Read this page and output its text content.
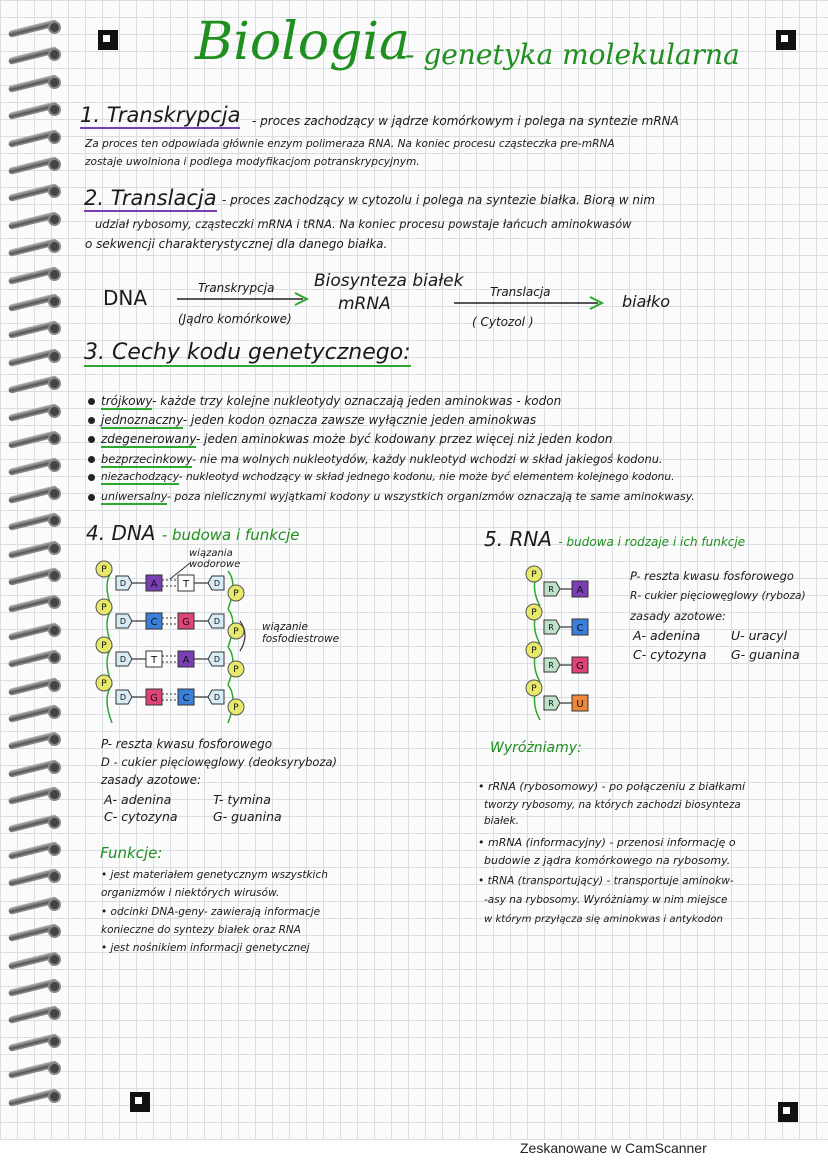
Biologia
- genetyka molekularna
1. Transkrypcja - proces zachodzący w jądrze komórkowym i polega na syntezie mRNA
Za proces ten odpowiada głównie enzym polimeraza RNA. Na koniec procesu cząsteczka pre-mRNA
zostaje uwolniona i podlega modyfikacjom potranskrypcyjnym.
2. Translacja - proces zachodzący w cytozolu i polega na syntezie białka. Biorą w nim
udział rybosomy, cząsteczki mRNA i tRNA. Na koniec procesu powstaje łańcuch aminokwasów
o sekwencji charakterystycznej dla danego białka.
DNA	Transkrypcja
(Jądro komórkowe)
Biosynteza białek
mRNA
Translacja
( Cytozol )
białko
3. Cechy kodu genetycznego:
trójkowy- każde trzy kolejne nukleotydy oznaczają jeden aminokwas - kodon
jednoznaczny- jeden kodon oznacza zawsze wyłącznie jeden aminokwas
zdegenerowany- jeden aminokwas może być kodowany przez więcej niż jeden kodon
bezprzecinkowy- nie ma wolnych nukleotydów, każdy nukleotyd wchodzi w skład jakiegoś kodonu.
niezachodzący- nukleotyd wchodzący w skład jednego kodonu, nie może być elementem kolejnego kodonu.
uniwersalny- poza nielicznymi wyjątkami kodony u wszystkich organizmów oznaczają te same aminokwasy.
4. DNA - budowa i funkcje
wiązania
wodorowe
wiązanie
fosfodiestrowe
P
P
D	D
A	T
P
P
D	D
C G
P
P
D	D
T	A
P
P
D	D
G C
P- reszta kwasu fosforowego
D - cukier pięciowęglowy (deoksyryboza)
zasady azotowe:
A- adenina	T- tymina
C- cytozyna	G- guanina
Funkcje:
• jest materiałem genetycznym wszystkich
organizmów i niektórych wirusów.
• odcinki DNA-geny- zawierają informacje
konieczne do syntezy białek oraz RNA
• jest nośnikiem informacji genetycznej
5. RNA - budowa i rodzaje i ich funkcje
P
R A
P
R C
P
R G
P
R U
P- reszta kwasu fosforowego
R- cukier pięciowęglowy (ryboza)
zasady azotowe:
A- adenina U- uracyl
C- cytozyna G- guanina
Wyróżniamy:
• rRNA (rybosomowy) - po połączeniu z białkami
tworzy rybosomy, na których zachodzi biosynteza
białek.
• mRNA (informacyjny) - przenosi informację o
budowie z jądra komórkowego na rybosomy.
• tRNA (transportujący) - transportuje aminokw-
-asy na rybosomy. Wyróżniamy w nim miejsce
w którym przyłącza się aminokwas i antykodon
Zeskanowane w CamScanner
